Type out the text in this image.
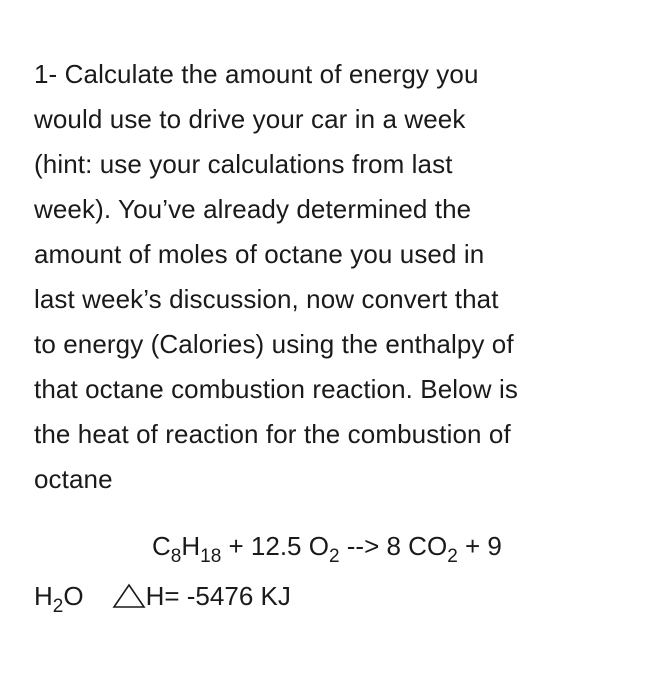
1- Calculate the amount of energy you
would use to drive your car in a week
(hint: use your calculations from last
week). You’ve already determined the
amount of moles of octane you used in
last week’s discussion, now convert that
to energy (Calories) using the enthalpy of
that octane combustion reaction. Below is
the heat of reaction for the combustion of
octane
$C_8H_{18} + 12.5$ $O_2$ --> 8 $CO_2 + 9$
$H_2O$ H= -5476 KJ
